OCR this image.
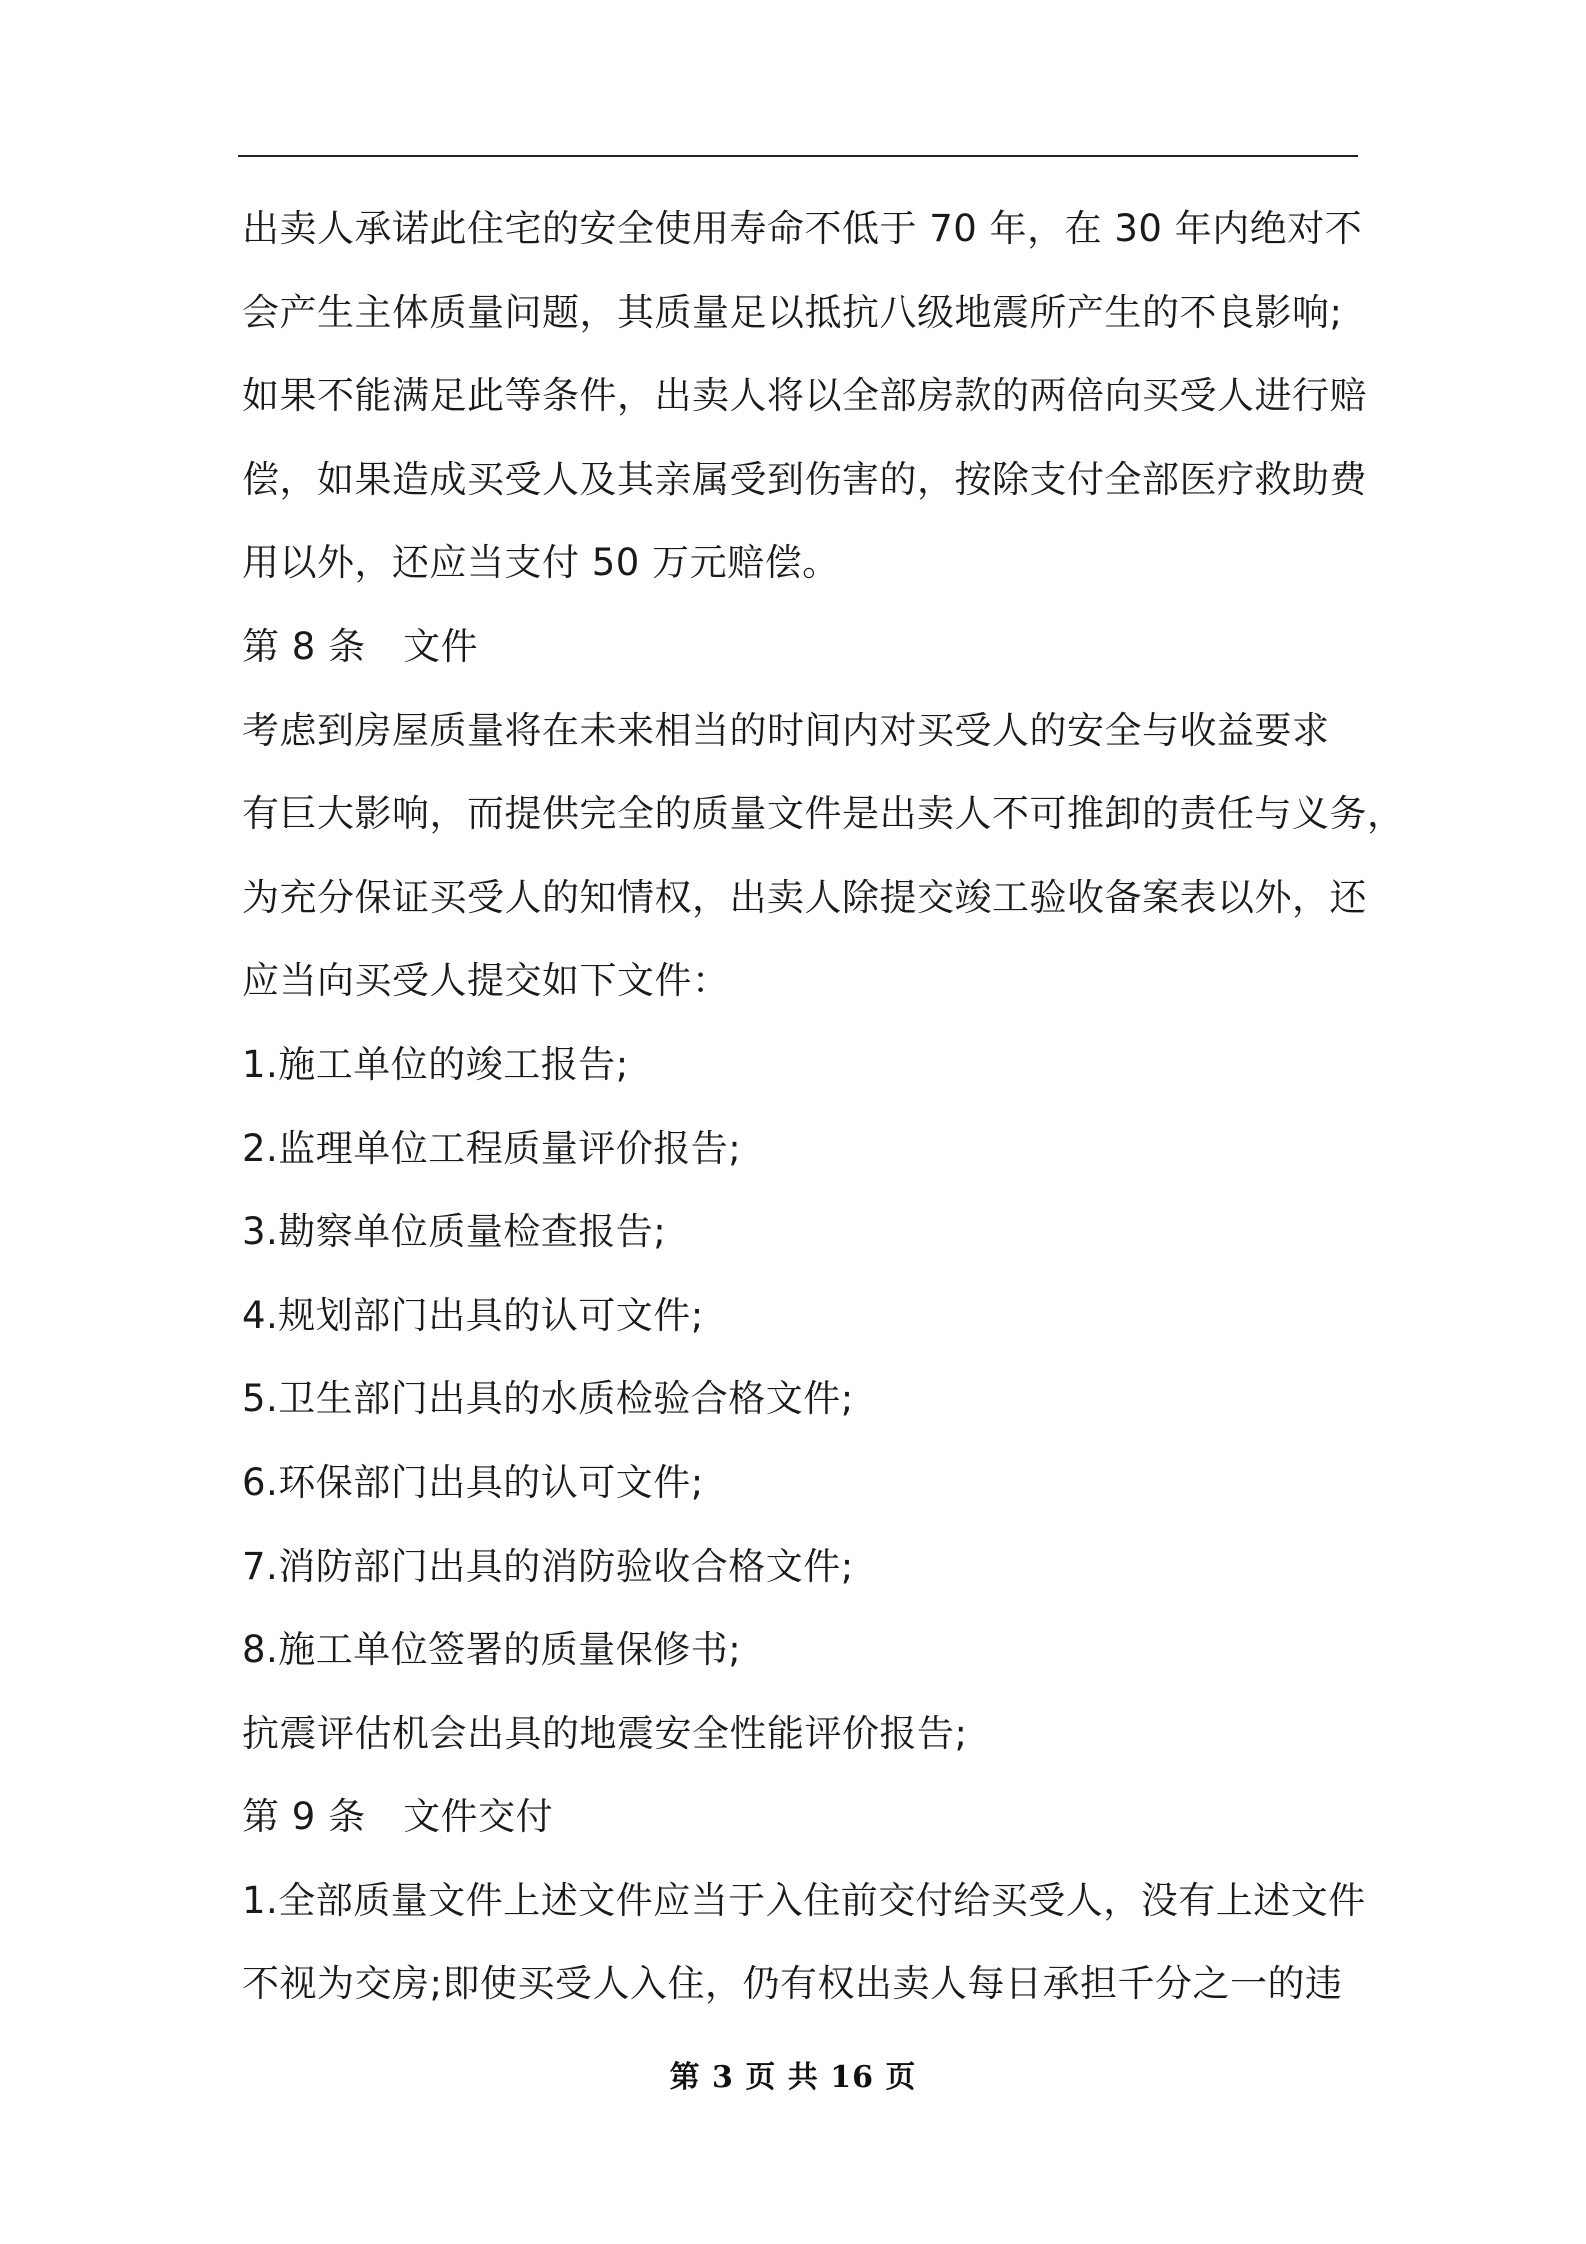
出卖人承诺此住宅的安全使用寿命不低于 70 年，在 30 年内绝对不
会产生主体质量问题，其质量足以抵抗八级地震所产生的不良影响;
如果不能满足此等条件，出卖人将以全部房款的两倍向买受人进行赔
偿，如果造成买受人及其亲属受到伤害的，按除支付全部医疗救助费
用以外，还应当支付 50 万元赔偿。
第 8 条　文件
考虑到房屋质量将在未来相当的时间内对买受人的安全与收益要求
有巨大影响，而提供完全的质量文件是出卖人不可推卸的责任与义务，
为充分保证买受人的知情权，出卖人除提交竣工验收备案表以外，还
应当向买受人提交如下文件：
1.施工单位的竣工报告;
2.监理单位工程质量评价报告;
3.勘察单位质量检查报告;
4.规划部门出具的认可文件;
5.卫生部门出具的水质检验合格文件;
6.环保部门出具的认可文件;
7.消防部门出具的消防验收合格文件;
8.施工单位签署的质量保修书;
抗震评估机会出具的地震安全性能评价报告;
第 9 条　文件交付
1.全部质量文件上述文件应当于入住前交付给买受人，没有上述文件
不视为交房;即使买受人入住，仍有权出卖人每日承担千分之一的违
第 3 页 共 16 页
